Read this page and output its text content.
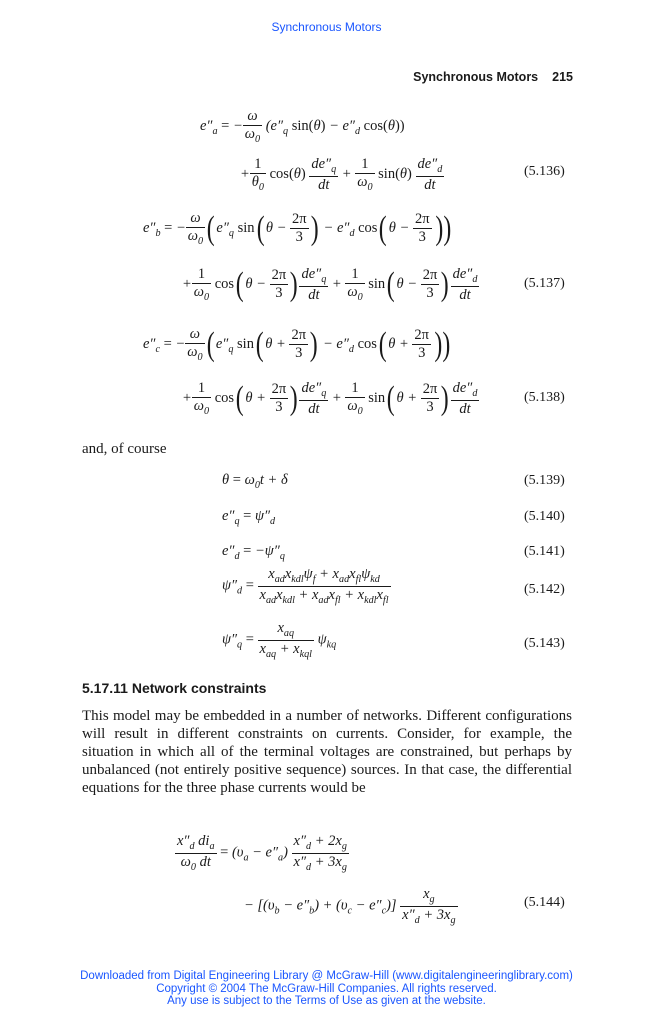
Synchronous Motors
Synchronous Motors 215
$e''_a$ = − $\frac{\omega}{\omega_0} (e''_q$ $\sin(\theta) - e''_d$ cos(θ))
+ $\frac{1}{\theta_0} \cos(\theta) \frac{de''_q}{dt} + \frac{1}{\omega_0} \sin(\theta) \frac{de''_d}{dt}$	(5.136)
$e''_b$ = − $\frac{\omega}{\omega_0}$ ( $e''_q$ sin( $\theta - \frac{2\pi}{3}$ ) − $e''_d$ cos( $\theta - \frac{2\pi}{3}$ ))
+ $\frac{1}{\omega_0} \cos$( $\theta - \frac{2\pi}{3}$ ) $\frac{de''_q}{dt} + \frac{1}{\omega_0} \sin$( $\theta - \frac{2\pi}{3}$ ) $\frac{de''_d}{dt}$	(5.137)
$e''_c$ = − $\frac{\omega}{\omega_0}$ ( $e''_q$ sin( $\theta + \frac{2\pi}{3}$ ) − $e''_d$ cos( $\theta + \frac{2\pi}{3}$ ))
+ $\frac{1}{\omega_0} \cos$( $\theta + \frac{2\pi}{3}$ ) $\frac{de''_q}{dt} + \frac{1}{\omega_0} \sin$( $\theta + \frac{2\pi}{3}$ ) $\frac{de''_d}{dt}$	(5.138)
and, of course
$\theta = \omega_0t + \delta$	(5.139)
$e''_q = \psi''_d$	(5.140)
$e''_d = -\psi''_q$	(5.141)
$\psi''_d = \frac{x_{ad}x_{kdl}\psi_f + x_{ad}x_{fl}\psi_{kd}}{x_{ad}x_{kdl} + x_{ad}x_{fl} + x_{kdl}x_{fl}}$	(5.142)
$\psi''_q = \frac{x_{aq}}{x_{aq} + x_{kql}} \psi_{kq}$	(5.143)
5.17.11 Network constraints
This model may be embedded in a number of networks. Different configurations will result in different constraints on currents. Consider, for example, the situation in which all of the terminal voltages are constrained, but perhaps by unbalanced (not entirely positive sequence) sources. In that case, the differential equations for the three phase currents would be
$\frac{x''_d di_a}{\omega_0 dt} = (\upsilon_a - e''_a) \frac{x''_d + 2x_g}{x''_d + 3x_g}$
− $[(\upsilon_b - e''_b) + (\upsilon_c - e''_c)] \frac{x_g}{x''_d + 3x_g}$	(5.144)
Downloaded from Digital Engineering Library @ McGraw-Hill (www.digitalengineeringlibrary.com)
Copyright © 2004 The McGraw-Hill Companies. All rights reserved.
Any use is subject to the Terms of Use as given at the website.
